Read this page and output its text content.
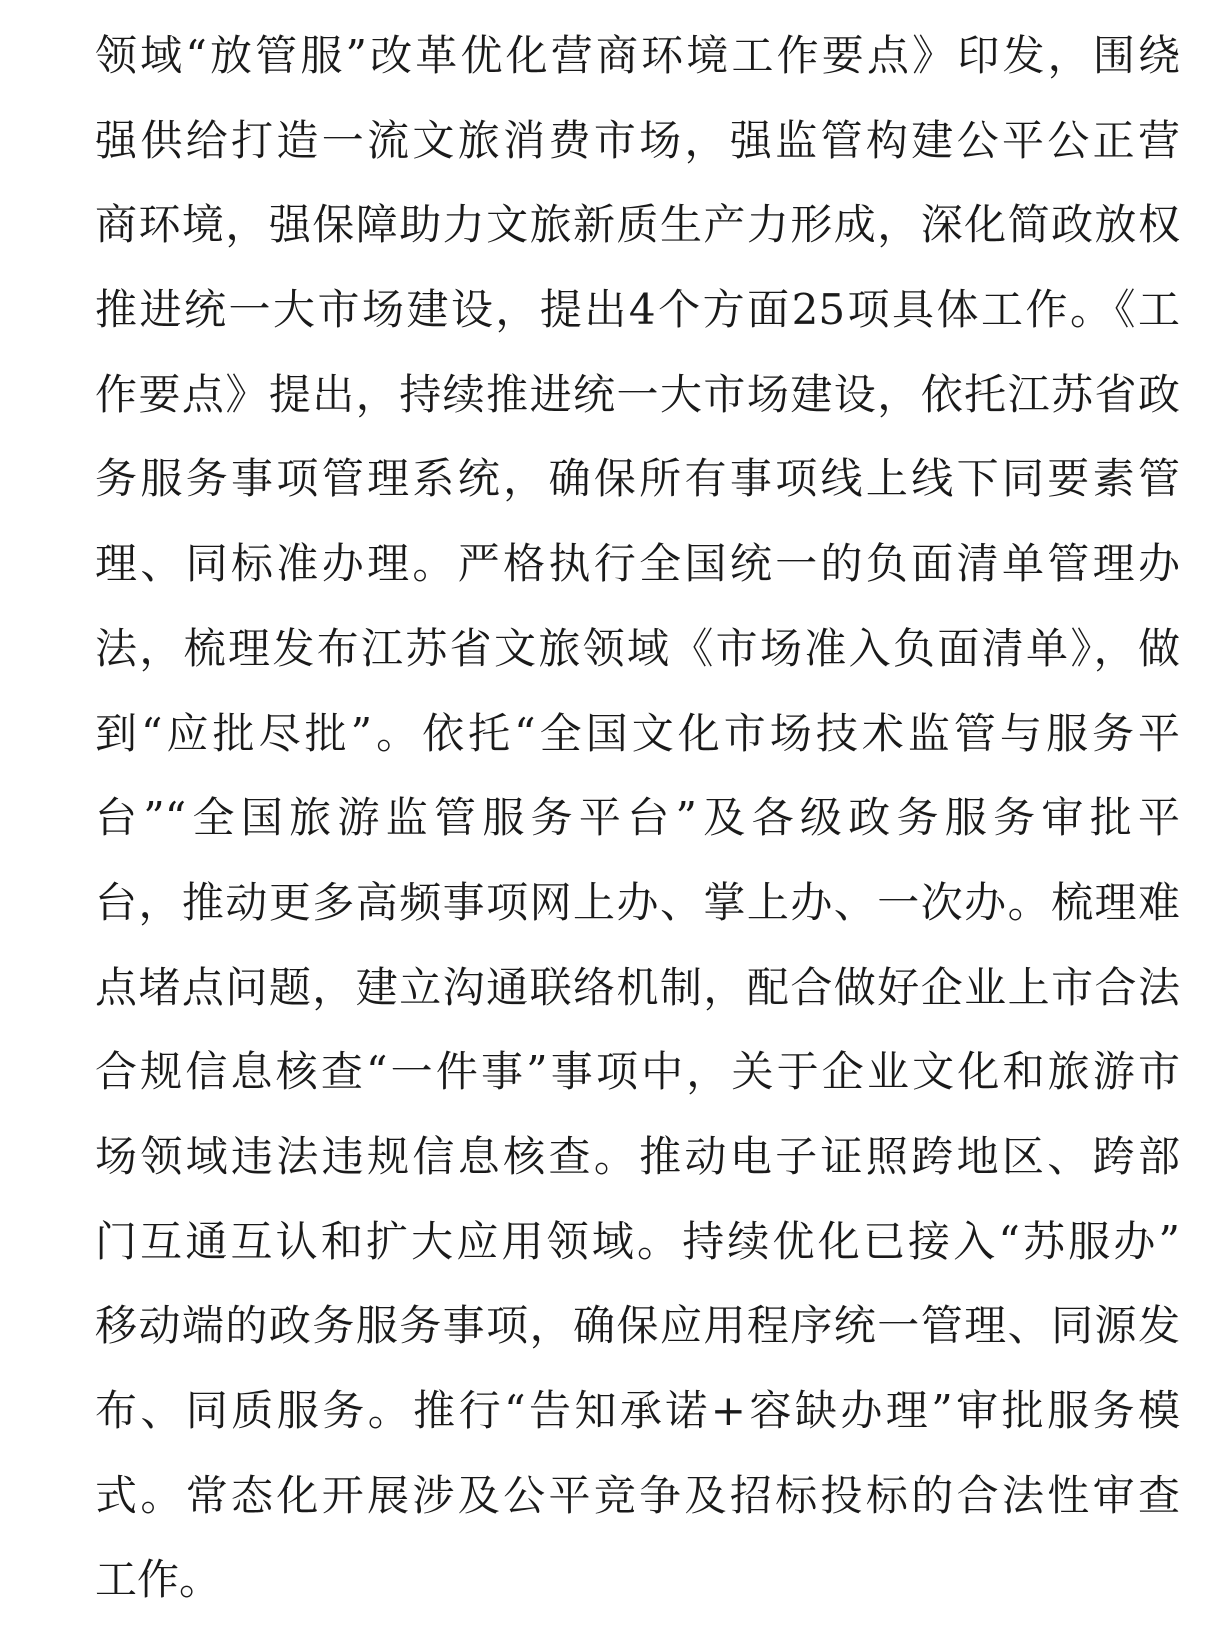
领域“放管服”改革优化营商环境工作要点》印发，围绕
强供给打造一流文旅消费市场，强监管构建公平公正营
商环境，强保障助力文旅新质生产力形成，深化简政放权
推进统一大市场建设，提出4个方面25项具体工作。《工
作要点》提出，持续推进统一大市场建设，依托江苏省政
务服务事项管理系统，确保所有事项线上线下同要素管
理、同标准办理。严格执行全国统一的负面清单管理办
法，梳理发布江苏省文旅领域《市场准入负面清单》，做
到“应批尽批”。依托“全国文化市场技术监管与服务平
台”“全国旅游监管服务平台”及各级政务服务审批平
台，推动更多高频事项网上办、掌上办、一次办。梳理难
点堵点问题，建立沟通联络机制，配合做好企业上市合法
合规信息核查“一件事”事项中，关于企业文化和旅游市
场领域违法违规信息核查。推动电子证照跨地区、跨部
门互通互认和扩大应用领域。持续优化已接入“苏服办”
移动端的政务服务事项，确保应用程序统一管理、同源发
布、同质服务。推行“告知承诺+容缺办理”审批服务模
式。常态化开展涉及公平竞争及招标投标的合法性审查
工作。
